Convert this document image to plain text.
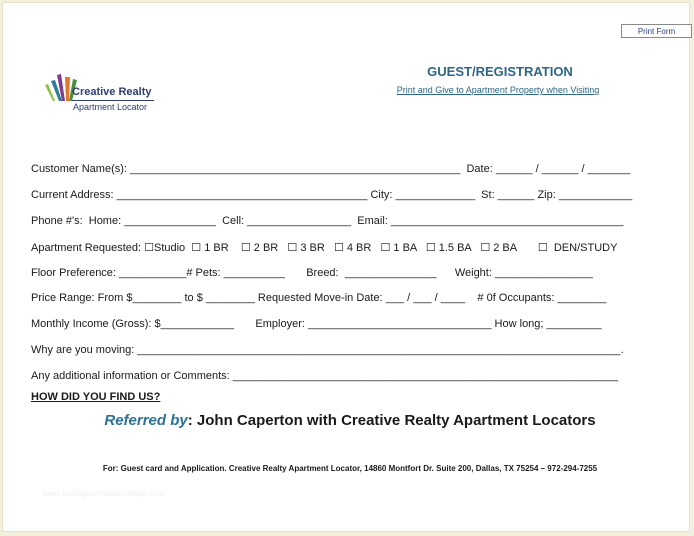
Print Form
Creative Realty
Apartment Locator
GUEST/REGISTRATION
Print and Give to Apartment Property when Visiting
Customer Name(s): ______________________________________________________  Date: ______ / ______ / _______
Current Address: _________________________________________ City: _____________  St: ______ Zip: ____________
Phone #'s:  Home: _______________  Cell: _________________  Email: ______________________________________
Apartment Requested: ☐Studio  ☐ 1 BR    ☐ 2 BR   ☐ 3 BR   ☐ 4 BR   ☐ 1 BA   ☐ 1.5 BA   ☐ 2 BA       ☐  DEN/STUDY
Floor Preference: ___________# Pets: __________       Breed:  _______________      Weight: ________________
Price Range: From $________ to $ ________ Requested Move-in Date: ___ / ___ / ____    # 0f Occupants: ________
Monthly Income (Gross): $____________       Employer: ______________________________ How long; _________
Why are you moving: _______________________________________________________________________________.
Any additional information or Comments: _______________________________________________________________
HOW DID YOU FIND US?
Referred by: John Caperton with Creative Realty Apartment Locators
For: Guest card and Application. Creative Realty Apartment Locator, 14860 Montfort Dr. Suite 200, Dallas, TX 75254 – 972-294-7255
www.heritagechristiancollege.com
